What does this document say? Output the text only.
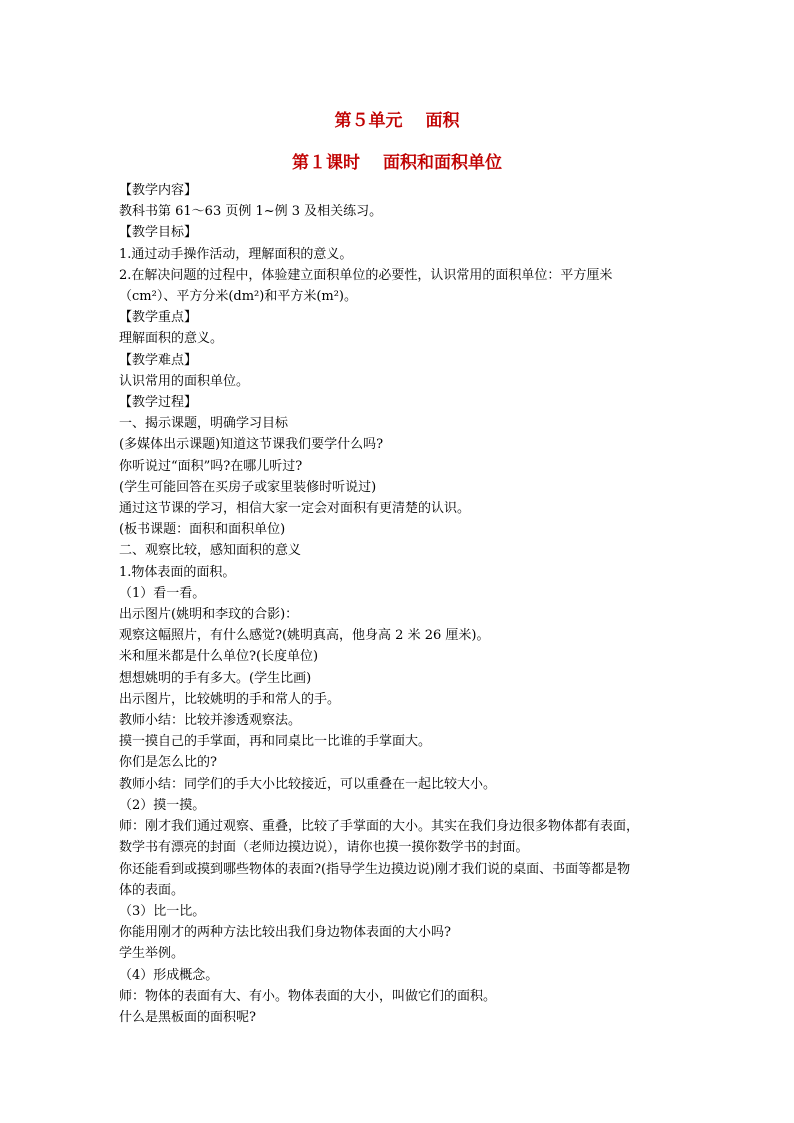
第５单元　 面积
第１课时　 面积和面积单位

【教学内容】

教科书第 61～63 页例 1~例 3 及相关练习。

【教学目标】

1.通过动手操作活动，理解面积的意义。

2.在解决问题的过程中，体验建立面积单位的必要性，认识常用的面积单位：平方厘米

（cm²）、平方分米(dm²)和平方米(m²)。

【教学重点】

理解面积的意义。

【教学难点】

认识常用的面积单位。

【教学过程】

一、揭示课题，明确学习目标

(多媒体出示课题)知道这节课我们要学什么吗?

你听说过“面积”吗?在哪儿听过?

(学生可能回答在买房子或家里装修时听说过)

通过这节课的学习，相信大家一定会对面积有更清楚的认识。

(板书课题：面积和面积单位)

二、观察比较，感知面积的意义

1.物体表面的面积。

（1）看一看。

出示图片(姚明和李玟的合影)：

观察这幅照片，有什么感觉?(姚明真高，他身高 2 米 26 厘米)。

米和厘米都是什么单位?(长度单位)

想想姚明的手有多大。(学生比画)

出示图片，比较姚明的手和常人的手。

教师小结：比较并渗透观察法。

摸一摸自己的手掌面，再和同桌比一比谁的手掌面大。

你们是怎么比的?

教师小结：同学们的手大小比较接近，可以重叠在一起比较大小。

（2）摸一摸。

师：刚才我们通过观察、重叠，比较了手掌面的大小。其实在我们身边很多物体都有表面，

数学书有漂亮的封面（老师边摸边说），请你也摸一摸你数学书的封面。

你还能看到或摸到哪些物体的表面?(指导学生边摸边说)刚才我们说的桌面、书面等都是物

体的表面。

（3）比一比。

你能用刚才的两种方法比较出我们身边物体表面的大小吗?

学生举例。

（4）形成概念。

师：物体的表面有大、有小。物体表面的大小，叫做它们的面积。

什么是黑板面的面积呢?
